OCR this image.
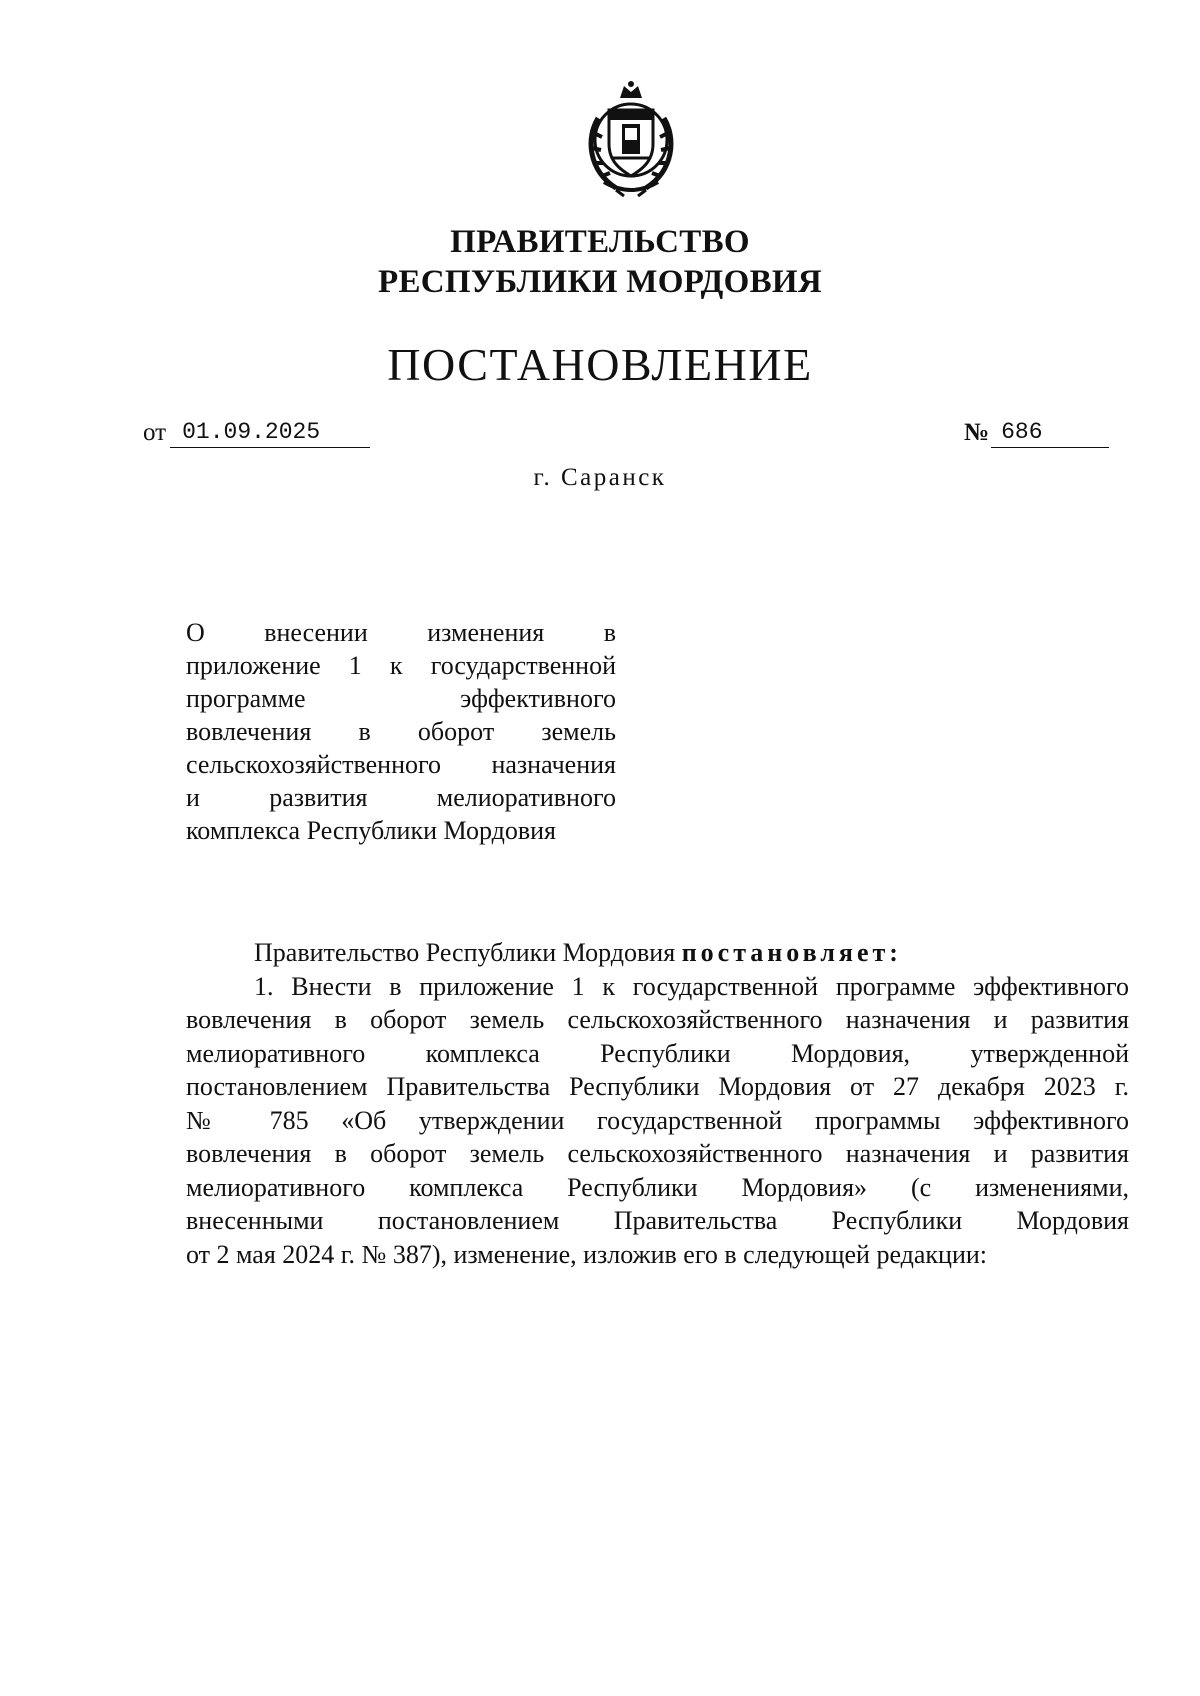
ПРАВИТЕЛЬСТВО
РЕСПУБЛИКИ МОРДОВИЯ
ПОСТАНОВЛЕНИЕ
от 01.09.2025	№ 686
г. Саранск
О внесении изменения в
приложение 1 к государственной
программе эффективного
вовлечения в оборот земель
сельскохозяйственного назначения
и развития мелиоративного
комплекса Республики Мордовия
Правительство Республики Мордовия постановляет:
1. Внести в приложение 1 к государственной программе эффективного
вовлечения в оборот земель сельскохозяйственного назначения и развития
мелиоративного комплекса Республики Мордовия, утвержденной
постановлением Правительства Республики Мордовия от 27 декабря 2023 г.
№ 785 «Об утверждении государственной программы эффективного
вовлечения в оборот земель сельскохозяйственного назначения и развития
мелиоративного комплекса Республики Мордовия» (с изменениями,
внесенными постановлением Правительства Республики Мордовия
от 2 мая 2024 г. № 387), изменение, изложив его в следующей редакции:
